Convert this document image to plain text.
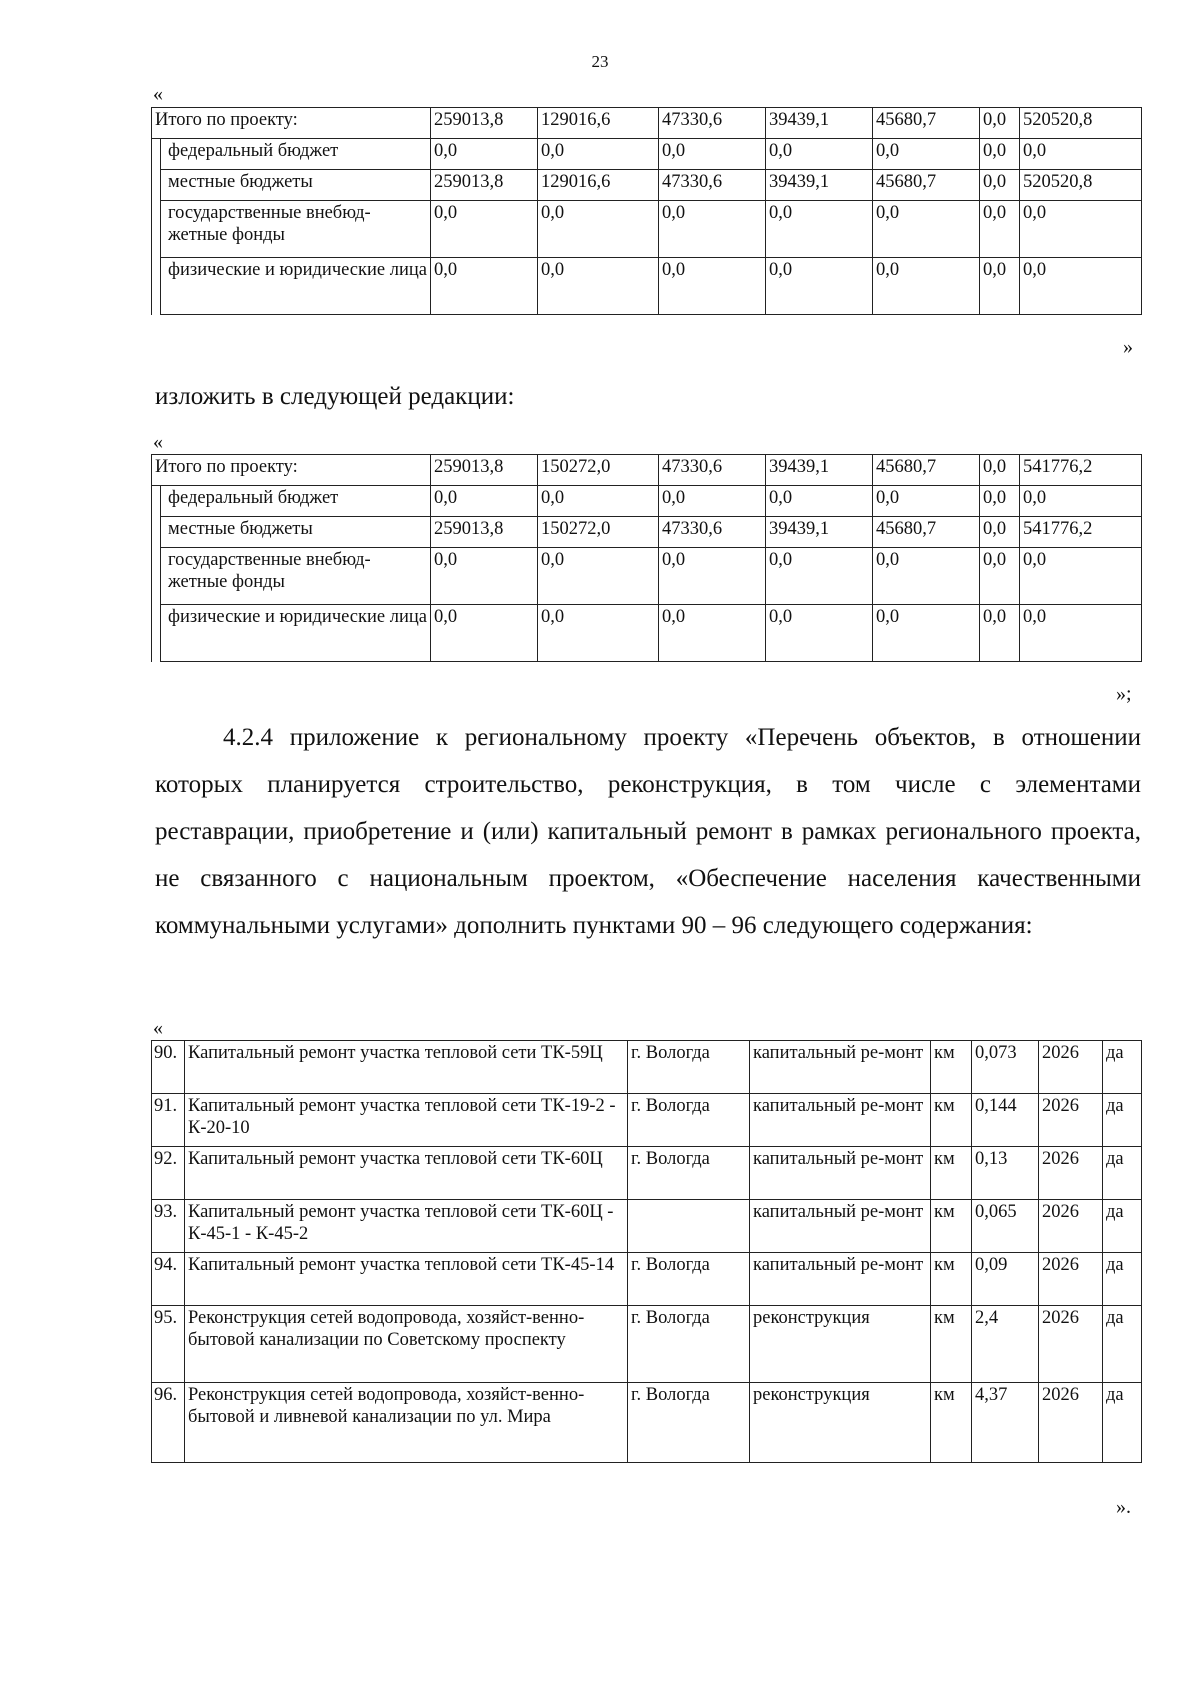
23
«
Итого по проекту:		259013,8	129016,6	47330,6	39439,1	45680,7	0,0	520520,8
	федеральный бюджет	0,0	0,0	0,0	0,0	0,0	0,0	0,0
	местные бюджеты	259013,8	129016,6	47330,6	39439,1	45680,7	0,0	520520,8
	государственные внебюд-жетные фонды	0,0	0,0	0,0	0,0	0,0	0,0	0,0
	физические и юридические лица	0,0	0,0	0,0	0,0	0,0	0,0	0,0
»
изложить в следующей редакции:
«
Итого по проекту:		259013,8	150272,0	47330,6	39439,1	45680,7	0,0	541776,2
	федеральный бюджет	0,0	0,0	0,0	0,0	0,0	0,0	0,0
	местные бюджеты	259013,8	150272,0	47330,6	39439,1	45680,7	0,0	541776,2
	государственные внебюд-жетные фонды	0,0	0,0	0,0	0,0	0,0	0,0	0,0
	физические и юридические лица	0,0	0,0	0,0	0,0	0,0	0,0	0,0
»;
4.2.4 приложение к региональному проекту «Перечень объектов, в отношении которых планируется строительство, реконструкция, в том числе с элементами реставрации, приобретение и (или) капитальный ремонт в рамках регионального проекта, не связанного с национальным проектом, «Обеспечение населения качественными коммунальными услугами» дополнить пунктами 90 – 96 следующего содержания:
«
90.	Капитальный ремонт участка тепловой сети ТК-59Ц	г. Вологда	капитальный ре-монт	км	0,073	2026	да
91.	Капитальный ремонт участка тепловой сети ТК-19-2 - К-20-10	г. Вологда	капитальный ре-монт	км	0,144	2026	да
92.	Капитальный ремонт участка тепловой сети ТК-60Ц	г. Вологда	капитальный ре-монт	км	0,13	2026	да
93.	Капитальный ремонт участка тепловой сети ТК-60Ц - К-45-1 - К-45-2		капитальный ре-монт	км	0,065	2026	да
94.	Капитальный ремонт участка тепловой сети ТК-45-14	г. Вологда	капитальный ре-монт	км	0,09	2026	да
95.	Реконструкция сетей водопровода, хозяйст-венно-бытовой канализации по Советскому проспекту	г. Вологда	реконструкция	км	2,4	2026	да
96.	Реконструкция сетей водопровода, хозяйст-венно-бытовой и ливневой канализации по ул. Мира	г. Вологда	реконструкция	км	4,37	2026	да
».
